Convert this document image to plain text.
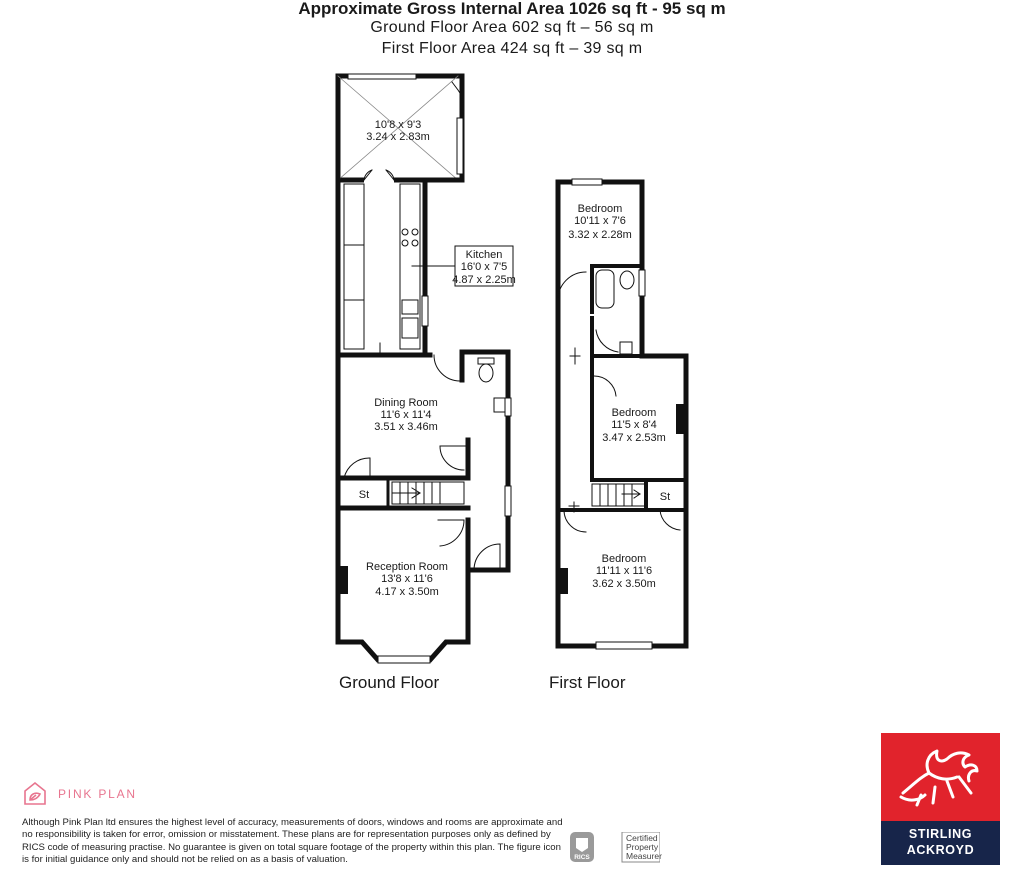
Approximate Gross Internal Area 1026 sq ft - 95 sq m
Ground Floor Area 602 sq ft – 56 sq m
First Floor Area 424 sq ft – 39 sq m
10'8 x 9'3
3.24 x 2.83m
Kitchen
16'0 x 7'5
4.87 x 2.25m
Dining Room
11'6 x 11'4
3.51 x 3.46m
St
Reception Room
13'8 x 11'6
4.17 x 3.50m
Bedroom
10'11 x 7'6
3.32 x 2.28m
Bedroom
11'5 x 8'4
3.47 x 2.53m
St
Bedroom
11'11 x 11'6
3.62 x 3.50m
Ground Floor	First Floor
PINK PLAN
Although Pink Plan ltd ensures the highest level of accuracy, measurements of doors, windows and rooms are approximate and no responsibility is taken for error, omission or misstatement. These plans are for representation purposes only as defined by RICS code of measuring practise. No guarantee is given on total square footage of the property within this plan. The figure icon is for initial guidance only and should not be relied on as a basis of valuation.	RICS
Certified
Property
Measurer
STIRLING
ACKROYD
